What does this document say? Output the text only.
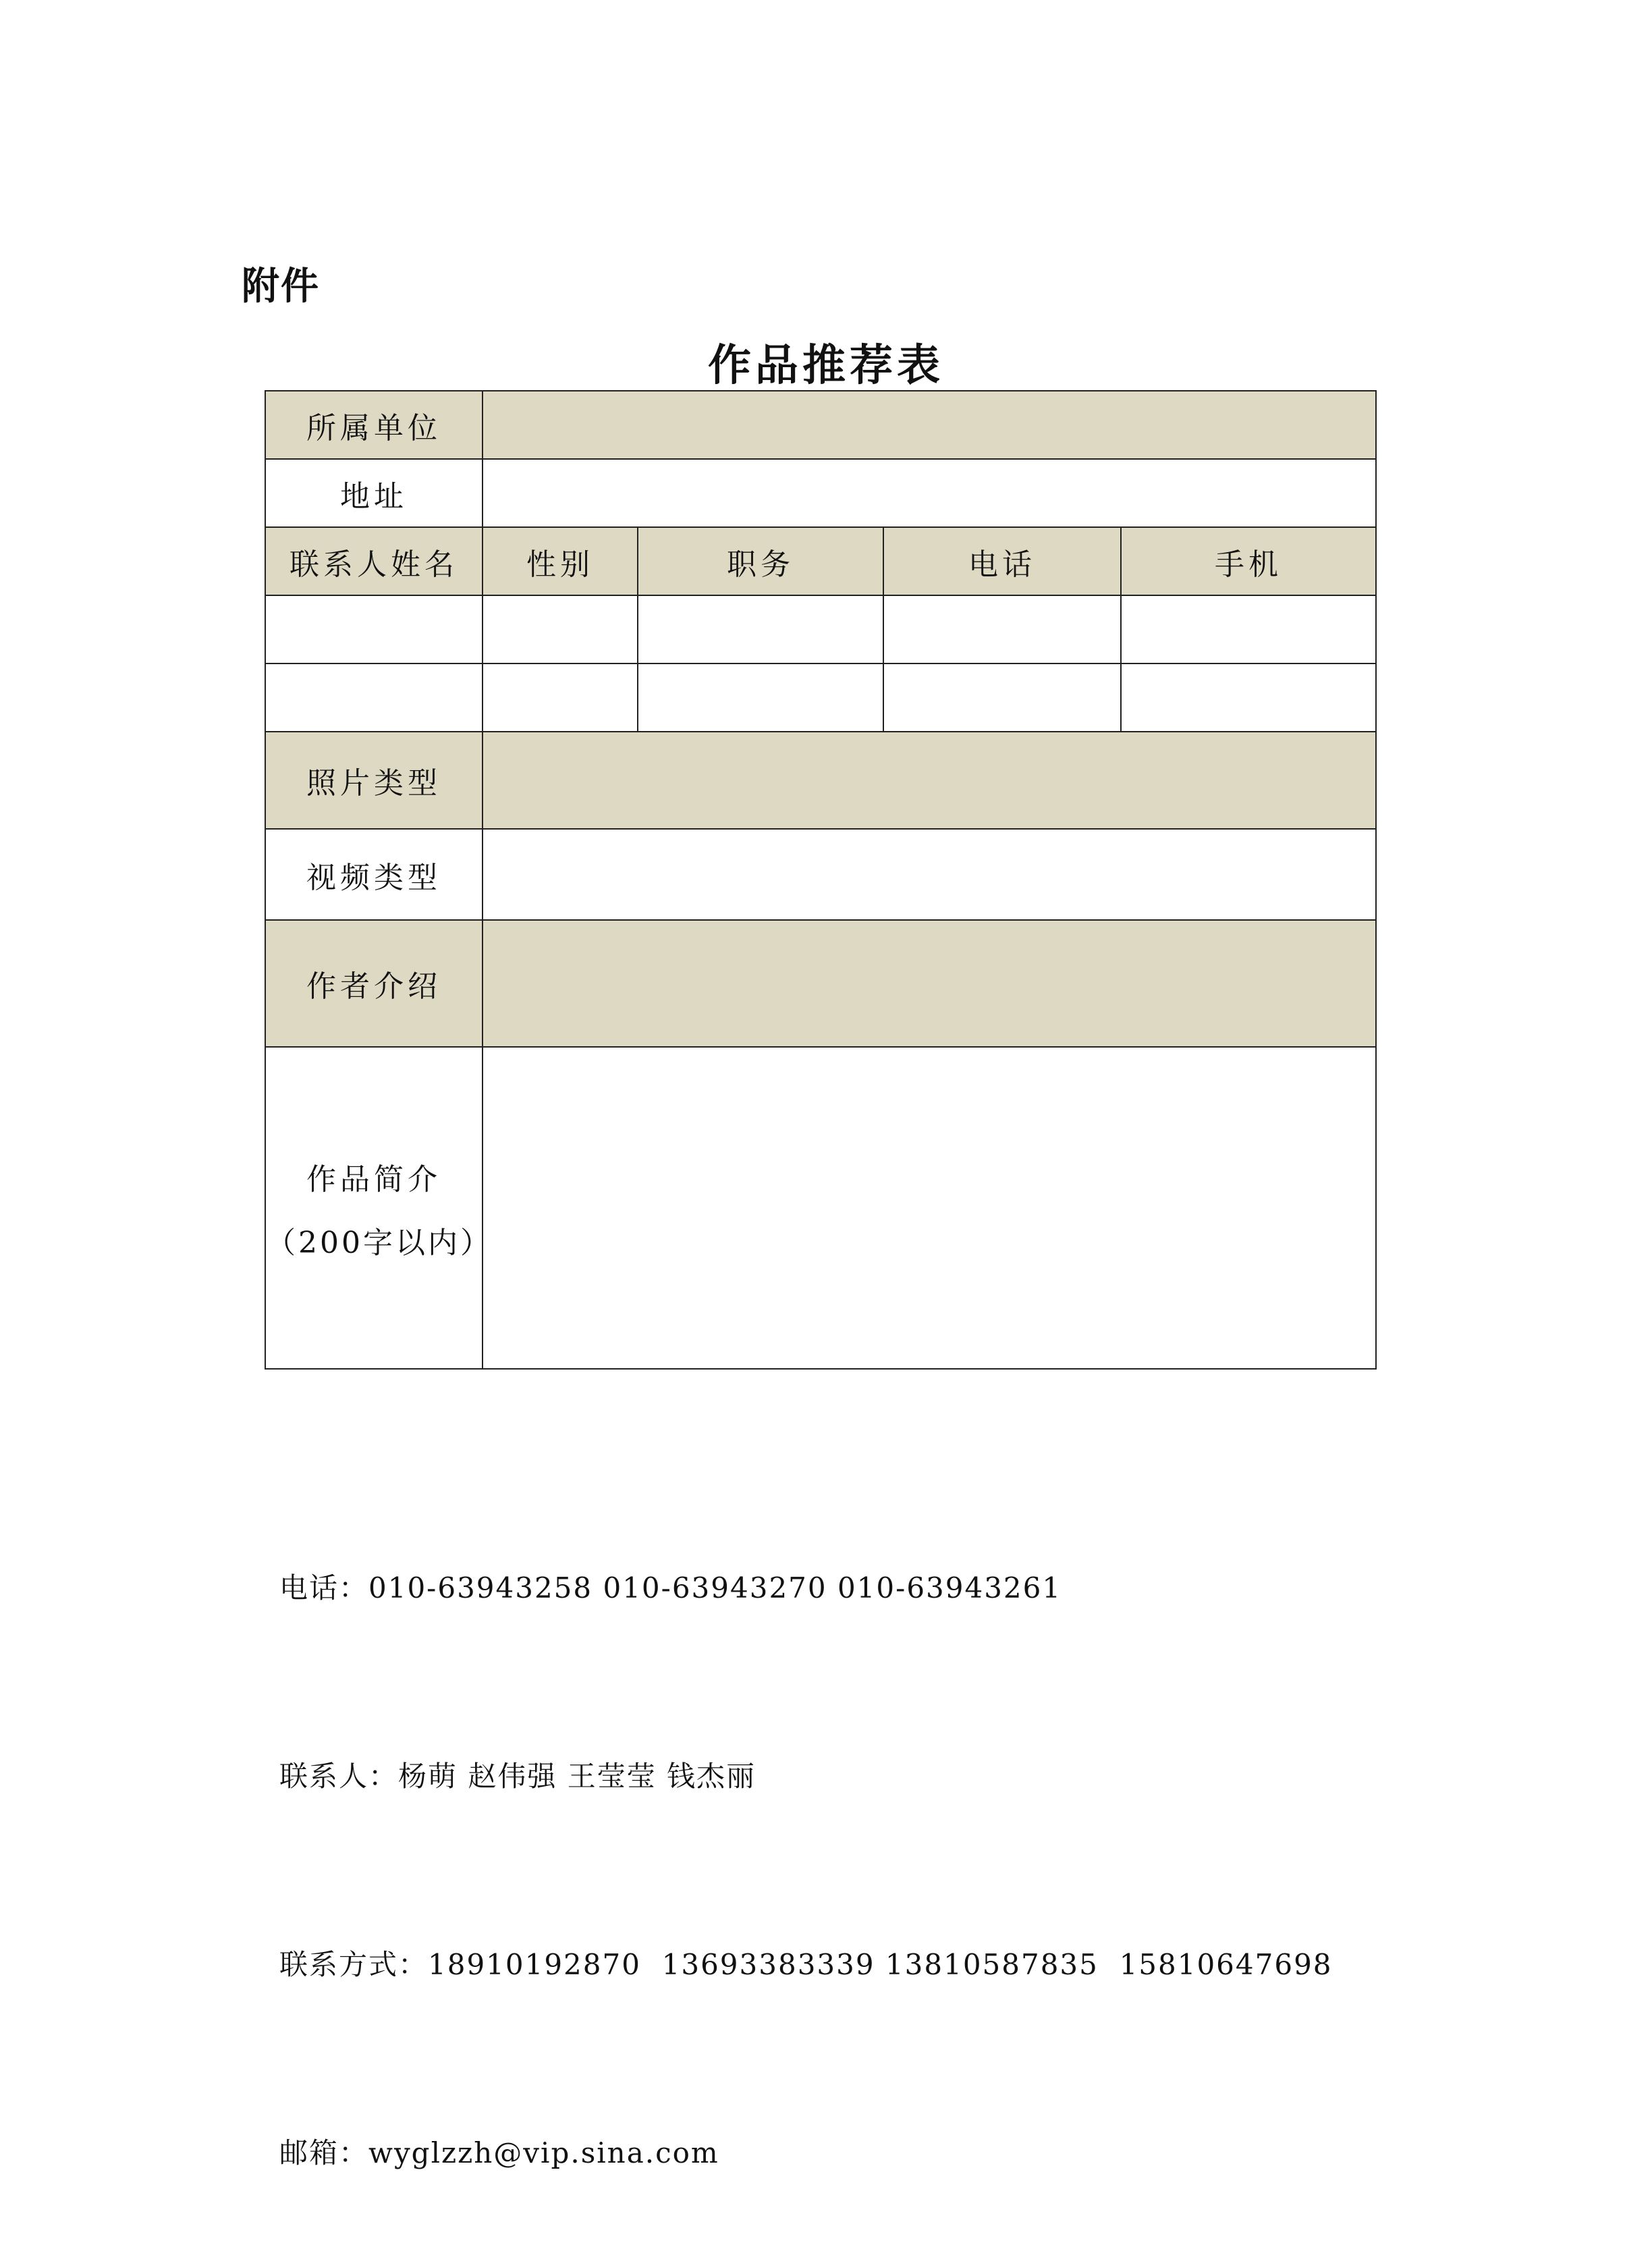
附件
作品推荐表
所属单位				
地址				
联系人姓名	性别	职务	电话	手机

照片类型				
视频类型				
作者介绍				

作品简介
（200字以内）				

电话：010-63943258 010-63943270 010-63943261

联系人：杨萌 赵伟强 王莹莹 钱杰丽

联系方式：18910192870  13693383339 13810587835  15810647698

邮箱：wyglzzh@vip.sina.com
